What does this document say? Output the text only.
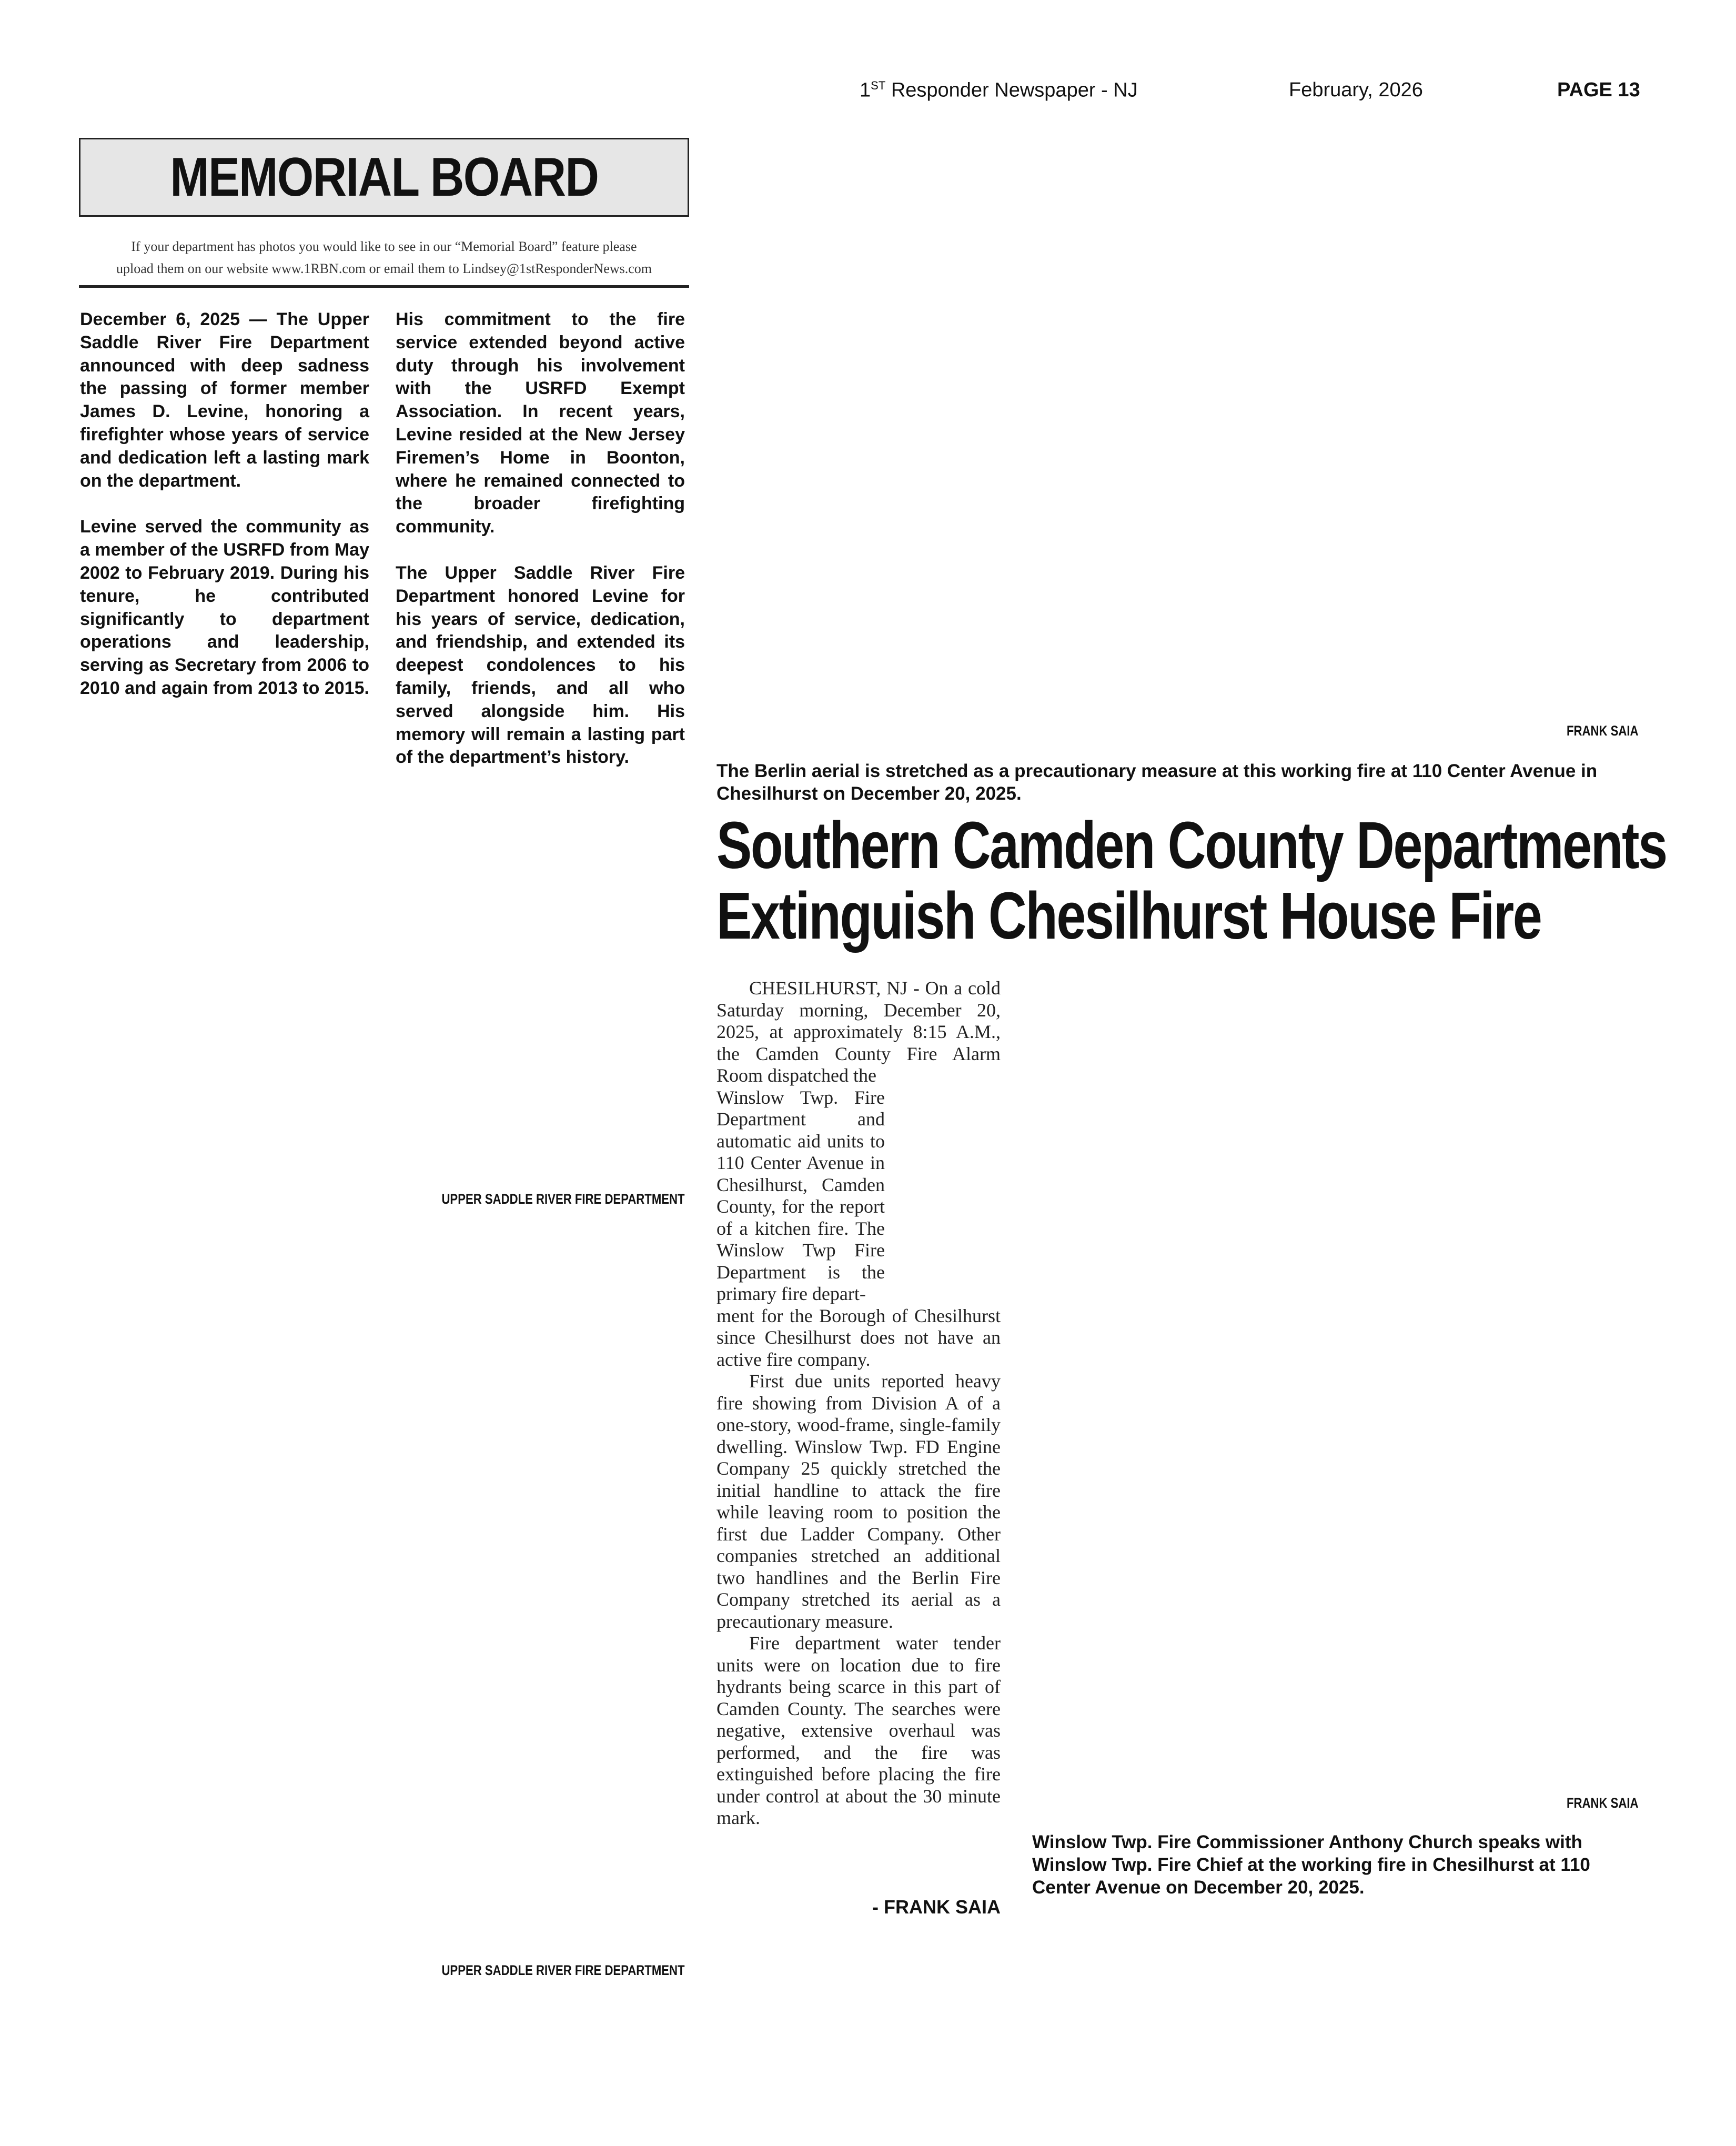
1ST Responder Newspaper - NJ	February, 2026	PAGE 13
MEMORIAL BOARD
If your department has photos you would like to see in our “Memorial Board” feature please
upload them on our website www.1RBN.com or email them to Lindsey@1stResponderNews.com

December 6, 2025 — The Upper Saddle River Fire Department announced with deep sadness the passing of former member James D. Levine, honoring a firefighter whose years of service and dedication left a lasting mark on the department.

Levine served the community as a member of the USRFD from May 2002 to February 2019. During his tenure, he contributed significantly to department operations and leadership, serving as Secretary from 2006 to 2010 and again from 2013 to 2015.

His commitment to the fire service extended beyond active duty through his involvement with the USRFD Exempt Association. In recent years, Levine resided at the New Jersey Firemen’s Home in Boonton, where he remained connected to the broader firefighting community.

The Upper Saddle River Fire Department honored Levine for his years of service, dedication, and friendship, and extended its deepest condolences to his family, friends, and all who served alongside him. His memory will remain a lasting part of the department’s history.

UPPER SADDLE RIVER FIRE DEPARTMENT
UPPER SADDLE RIVER FIRE DEPARTMENT
FRANK SAIA
The Berlin aerial is stretched as a precautionary measure at this working fire at 110 Center Avenue in Chesilhurst on December 20, 2025.
Southern Camden County Departments
Extinguish Chesilhurst House Fire

CHESILHURST, NJ - On a cold Saturday morning, December 20, 2025, at approximately 8:15 A.M., the Camden County Fire Alarm Room dispatched the

Winslow Twp. Fire Department and automatic aid units to 110 Center Avenue in Chesilhurst, Camden County, for the report of a kitchen fire. The Winslow Twp Fire Department is the primary fire depart-

ment for the Borough of Chesilhurst since Chesilhurst does not have an active fire company.

First due units reported heavy fire showing from Division A of a one-story, wood-frame, single-family dwelling. Winslow Twp. FD Engine Company 25 quickly stretched the initial handline to attack the fire while leaving room to position the first due Ladder Company. Other companies stretched an additional two handlines and the Berlin Fire Company stretched its aerial as a precautionary measure.

Fire department water tender units were on location due to fire hydrants being scarce in this part of Camden County. The searches were negative, extensive overhaul was performed, and the fire was extinguished before placing the fire under control at about the 30 minute mark.

- FRANK SAIA
FRANK SAIA
Winslow Twp. Fire Commissioner Anthony Church speaks with Winslow Twp. Fire Chief at the working fire in Chesilhurst at 110 Center Avenue on December 20, 2025.
